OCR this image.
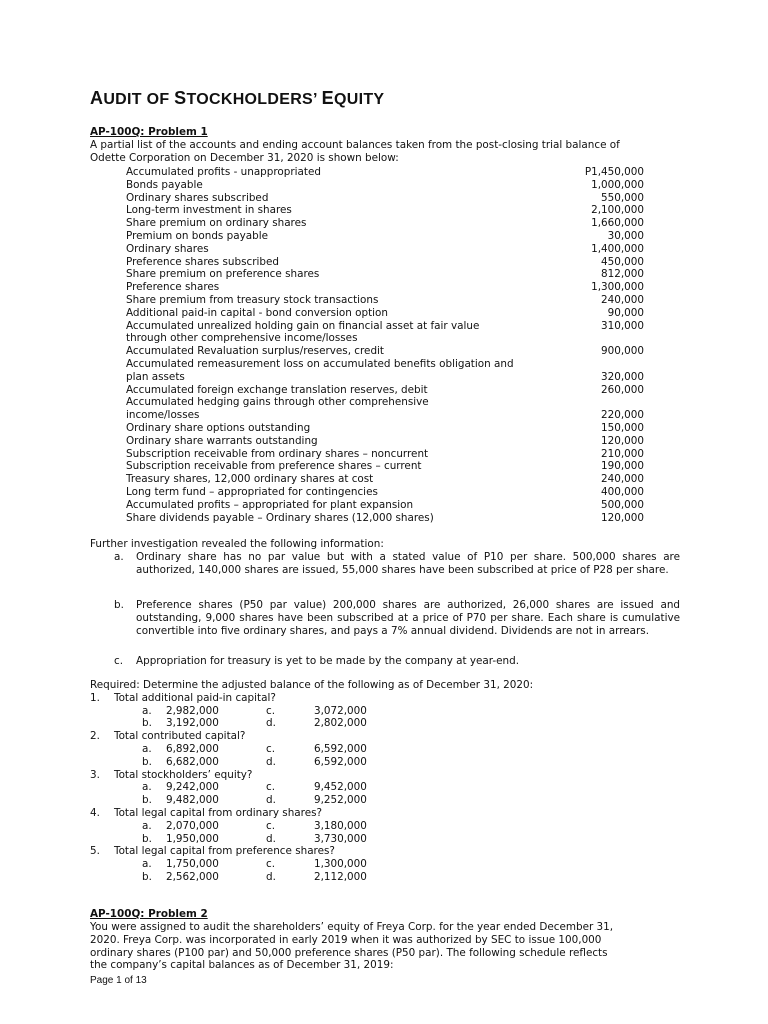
AUDIT OF STOCKHOLDERS’ EQUITY
AP-100Q: Problem 1
A partial list of the accounts and ending account balances taken from the post-closing trial balance of
Odette Corporation on December 31, 2020 is shown below:
Accumulated profits - unappropriated	P1,450,000
Bonds payable	1,000,000
Ordinary shares subscribed	550,000
Long-term investment in shares	2,100,000
Share premium on ordinary shares	1,660,000
Premium on bonds payable	30,000
Ordinary shares	1,400,000
Preference shares subscribed	450,000
Share premium on preference shares	812,000
Preference shares	1,300,000
Share premium from treasury stock transactions	240,000
Additional paid-in capital - bond conversion option	90,000
Accumulated unrealized holding gain on financial asset at fair value	310,000
through other comprehensive income/losses
Accumulated Revaluation surplus/reserves, credit	900,000
Accumulated remeasurement loss on accumulated benefits obligation and
plan assets	320,000
Accumulated foreign exchange translation reserves, debit	260,000
Accumulated hedging gains through other comprehensive
income/losses	220,000
Ordinary share options outstanding	150,000
Ordinary share warrants outstanding	120,000
Subscription receivable from ordinary shares – noncurrent	210,000
Subscription receivable from preference shares – current	190,000
Treasury shares, 12,000 ordinary shares at cost	240,000
Long term fund – appropriated for contingencies	400,000
Accumulated profits – appropriated for plant expansion	500,000
Share dividends payable – Ordinary shares (12,000 shares)	120,000
Further investigation revealed the following information:
a.	Ordinary share has no par value but with a stated value of P10 per share. 500,000 shares are authorized, 140,000 shares are issued, 55,000 shares have been subscribed at price of P28 per share.
b.	Preference shares (P50 par value) 200,000 shares are authorized, 26,000 shares are issued and outstanding, 9,000 shares have been subscribed at a price of P70 per share. Each share is cumulative convertible into five ordinary shares, and pays a 7% annual dividend. Dividends are not in arrears.
c.	Appropriation for treasury is yet to be made by the company at year-end.
Required: Determine the adjusted balance of the following as of December 31, 2020:
1.	Total additional paid-in capital?
a.	2,982,000	c.	3,072,000
b.	3,192,000	d.	2,802,000
2.	Total contributed capital?
a.	6,892,000	c.	6,592,000
b.	6,682,000	d.	6,592,000
3.	Total stockholders’ equity?
a.	9,242,000	c.	9,452,000
b.	9,482,000	d.	9,252,000
4.	Total legal capital from ordinary shares?
a.	2,070,000	c.	3,180,000
b.	1,950,000	d.	3,730,000
5.	Total legal capital from preference shares?
a.	1,750,000	c.	1,300,000
b.	2,562,000	d.	2,112,000
AP-100Q: Problem 2
You were assigned to audit the shareholders’ equity of Freya Corp. for the year ended December 31,
2020. Freya Corp. was incorporated in early 2019 when it was authorized by SEC to issue 100,000
ordinary shares (P100 par) and 50,000 preference shares (P50 par). The following schedule reflects
the company’s capital balances as of December 31, 2019:
Page 1 of 13
